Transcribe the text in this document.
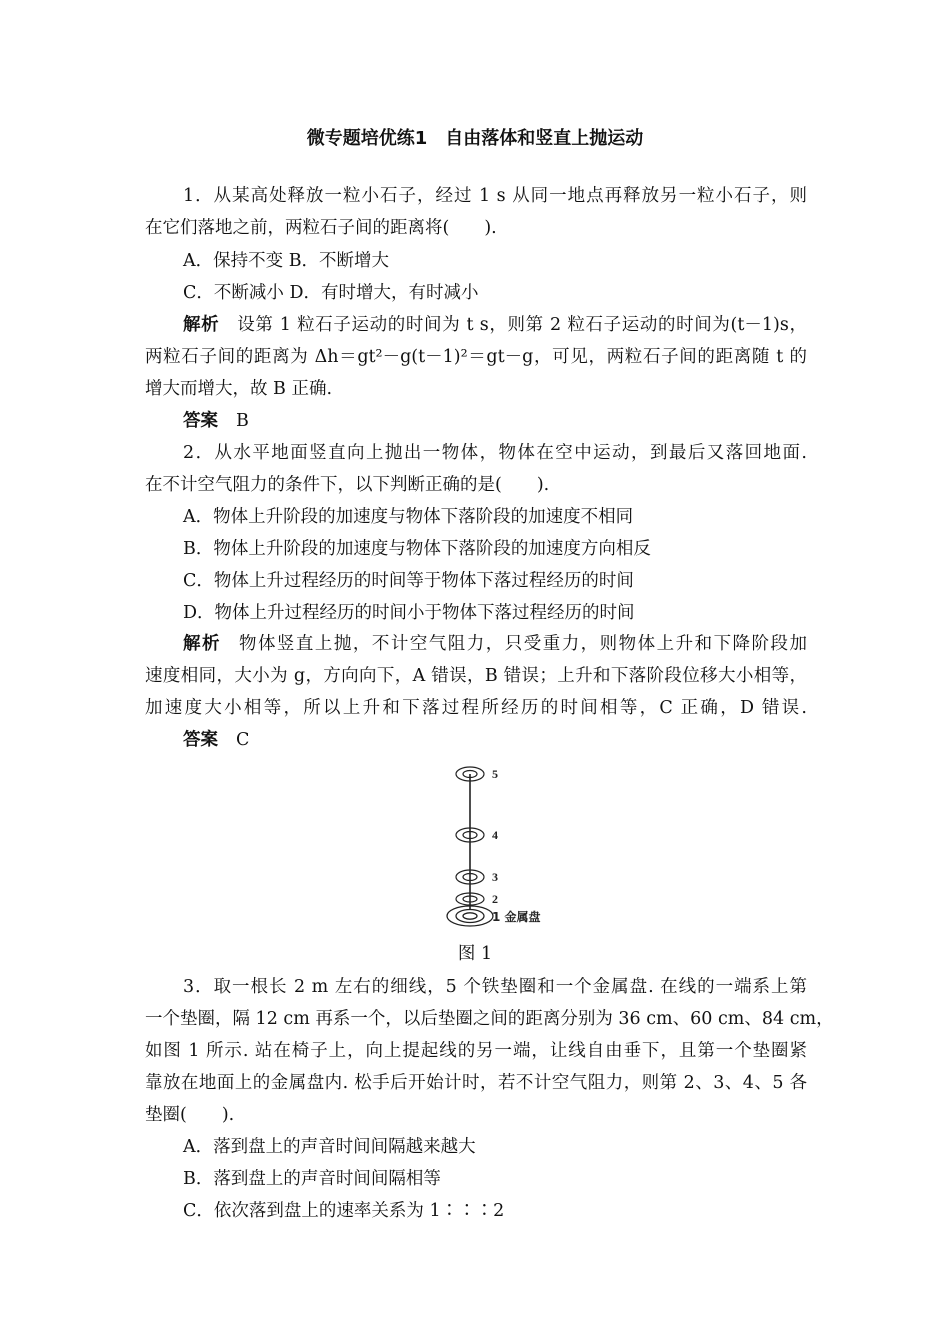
微专题培优练1　自由落体和竖直上抛运动
1．从某高处释放一粒小石子，经过 1 s 从同一地点再释放另一粒小石子，则
在它们落地之前，两粒石子间的距离将(　　).
A．保持不变 B．不断增大
C．不断减小 D．有时增大，有时减小
解析 设第 1 粒石子运动的时间为 t s，则第 2 粒石子运动的时间为(t－1)s，
两粒石子间的距离为 Δh＝gt²－g(t－1)²＝gt－g，可见，两粒石子间的距离随 t 的
增大而增大，故 B 正确.
答案 B
2．从水平地面竖直向上抛出一物体，物体在空中运动，到最后又落回地面.
在不计空气阻力的条件下，以下判断正确的是(　　).
A．物体上升阶段的加速度与物体下落阶段的加速度不相同
B．物体上升阶段的加速度与物体下落阶段的加速度方向相反
C．物体上升过程经历的时间等于物体下落过程经历的时间
D．物体上升过程经历的时间小于物体下落过程经历的时间
解析 物体竖直上抛，不计空气阻力，只受重力，则物体上升和下降阶段加
速度相同，大小为 g，方向向下，A 错误，B 错误；上升和下落阶段位移大小相等，
加速度大小相等，所以上升和下落过程所经历的时间相等，C 正确，D 错误.
答案 C
5
4
3
2
1 金属盘
图 1
3．取一根长 2 m 左右的细线，5 个铁垫圈和一个金属盘. 在线的一端系上第
一个垫圈，隔 12 cm 再系一个，以后垫圈之间的距离分别为 36 cm、60 cm、84 cm，
如图 1 所示. 站在椅子上，向上提起线的另一端，让线自由垂下，且第一个垫圈紧
靠放在地面上的金属盘内. 松手后开始计时，若不计空气阻力，则第 2、3、4、5 各
垫圈(　　).
A．落到盘上的声音时间间隔越来越大
B．落到盘上的声音时间间隔相等
C．依次落到盘上的速率关系为 1∶∶∶2
